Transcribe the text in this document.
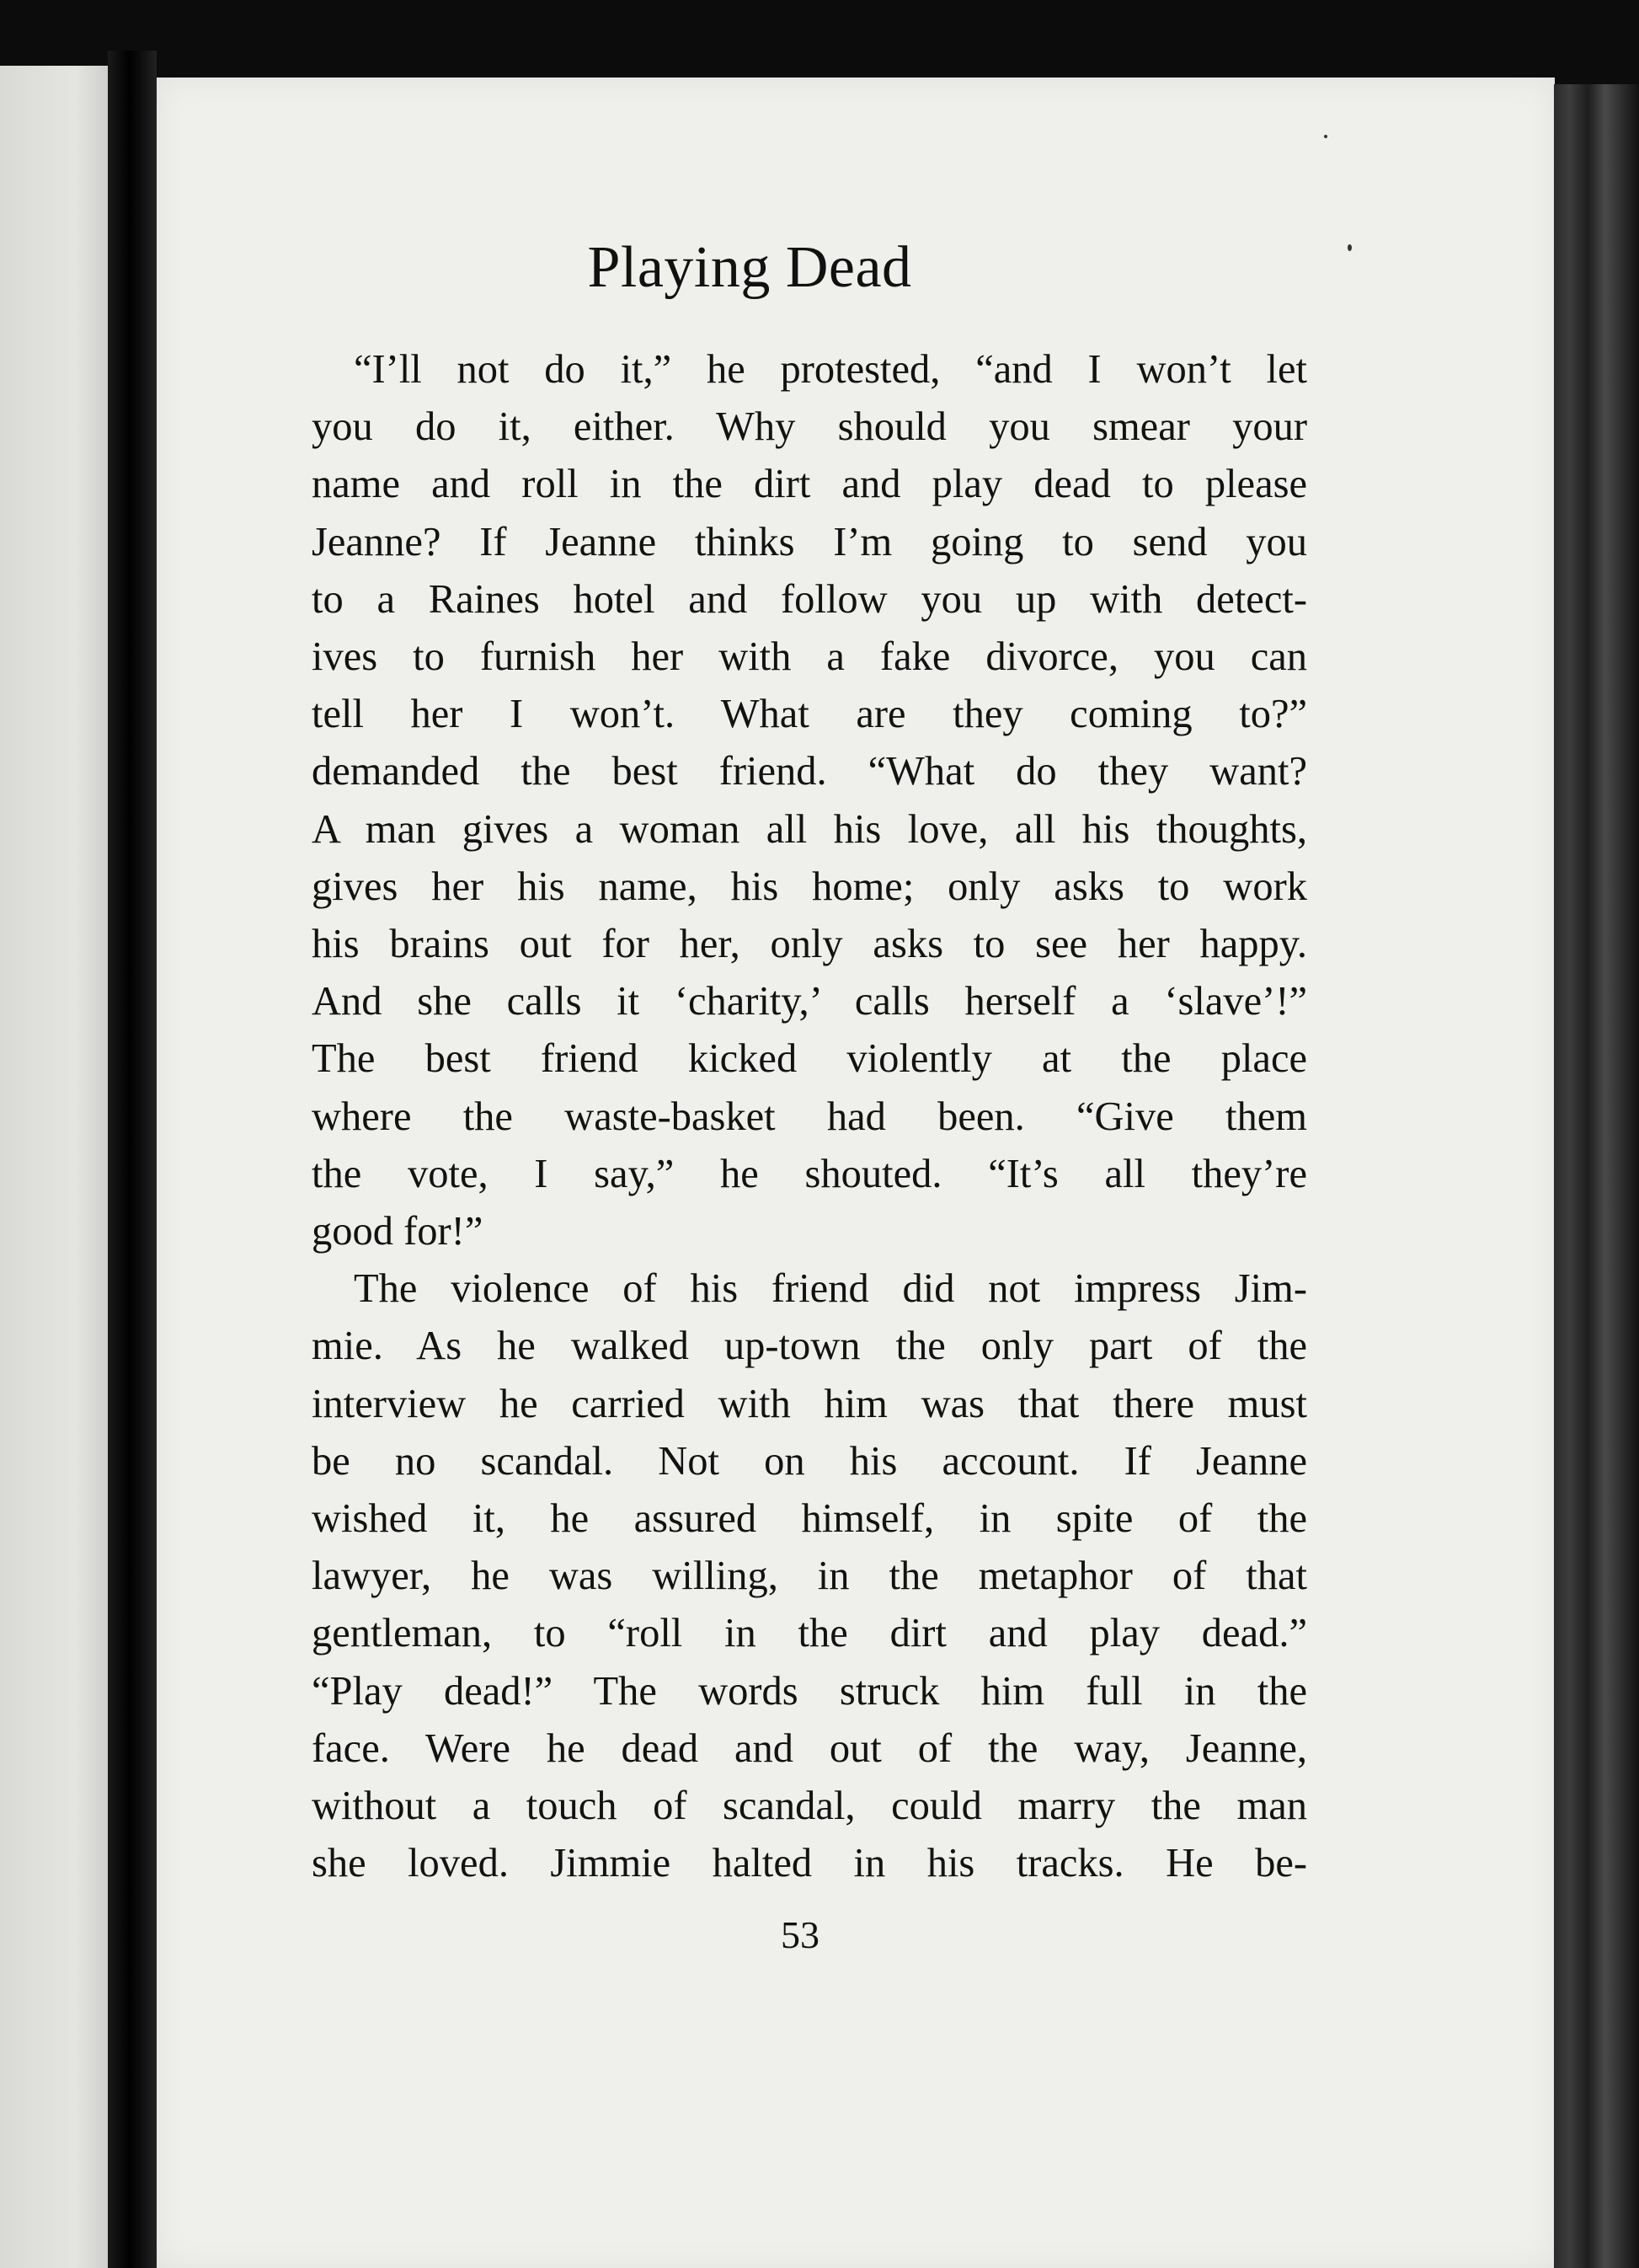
Playing Dead
“I’ll not do it,” he protested, “and I won’t let
you do it, either. Why should you smear your
name and roll in the dirt and play dead to please
Jeanne? If Jeanne thinks I’m going to send you
to a Raines hotel and follow you up with detect-
ives to furnish her with a fake divorce, you can
tell her I won’t. What are they coming to?”
demanded the best friend. “What do they want?
A man gives a woman all his love, all his thoughts,
gives her his name, his home; only asks to work
his brains out for her, only asks to see her happy.
And she calls it ‘charity,’ calls herself a ‘slave’!”
The best friend kicked violently at the place
where the waste-basket had been. “Give them
the vote, I say,” he shouted. “It’s all they’re
good for!”
The violence of his friend did not impress Jim-
mie. As he walked up-town the only part of the
interview he carried with him was that there must
be no scandal. Not on his account. If Jeanne
wished it, he assured himself, in spite of the
lawyer, he was willing, in the metaphor of that
gentleman, to “roll in the dirt and play dead.”
“Play dead!” The words struck him full in the
face. Were he dead and out of the way, Jeanne,
without a touch of scandal, could marry the man
she loved. Jimmie halted in his tracks. He be-
53
